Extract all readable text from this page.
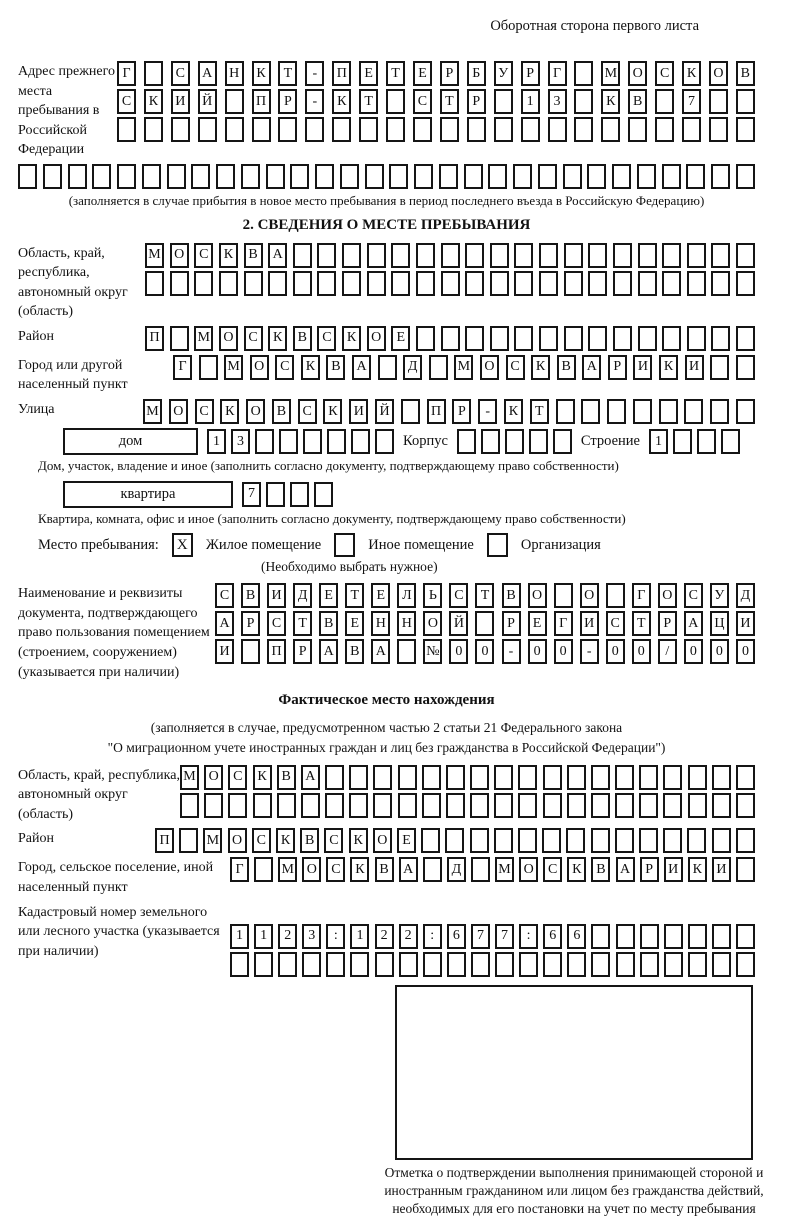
Оборотная сторона первого листа
Адрес прежнего места пребывания в Российской Федерации
Г	С	А	Н	К	Т	-	П	Е	Т	Е	Р	Б	У	Р	Г	М	О	С	К	О	В
С	К	И	Й	П	Р	-	К	Т	С	Т	Р	1	3	К	В	7
(заполняется в случае прибытия в новое место пребывания в период последнего въезда в Российскую Федерацию)
2. СВЕДЕНИЯ О МЕСТЕ ПРЕБЫВАНИЯ
Область, край, республика, автономный округ (область)
М О	С	К	В	А
Район	П	М О	С	К	В	С	К	О	Е
Город или другой населенный пункт
Г	М	О	С	К	В	А	Д	М	О	С	К	В	А	Р	И	К	И
Улица	М	О	С	К	О	В	С	К	И	Й	П	Р	-	К	Т
дом	1	3	Корпус	Строение	1
Дом, участок, владение и иное (заполнить согласно документу, подтверждающему право собственности)
квартира	7
Квартира, комната, офис и иное (заполнить согласно документу, подтверждающему право собственности)
Место пребывания:	X	Жилое помещение	Иное помещение	Организация
(Необходимо выбрать нужное)
Наименование и реквизиты документа, подтверждающего право пользования помещением (строением, сооружением) (указывается при наличии)
С	В	И	Д	Е	Т	Е	Л	Ь	С	Т	В	О	О	Г	О	С	У	Д
А	Р	С	Т	В	Е	Н	Н	О	Й	Р	Е	Г	И	С	Т	Р	А	Ц	И
И	П	Р	А	В	А	№	0	0	-	0	0	-	0	0	/	0	0	0
Фактическое место нахождения
(заполняется в случае, предусмотренном частью 2 статьи 21 Федерального закона
"О миграционном учете иностранных граждан и лиц без гражданства в Российской Федерации")
Область, край, республика, автономный округ (область)
М О	С	К	В	А
Район	П	М О	С	К	В	С	К	О	Е
Город, сельское поселение, иной населенный пункт
Г	М О	С	К	В	А	Д	М О	С	К	В	А	Р	И	К	И
Кадастровый номер земельного или лесного участка (указывается при наличии)
1	1	2	3	:	1	2	2	:	6	7	7	:	6	6
Отметка о подтверждении выполнения принимающей стороной и иностранным гражданином или лицом без гражданства действий, необходимых для его постановки на учет по месту пребывания
